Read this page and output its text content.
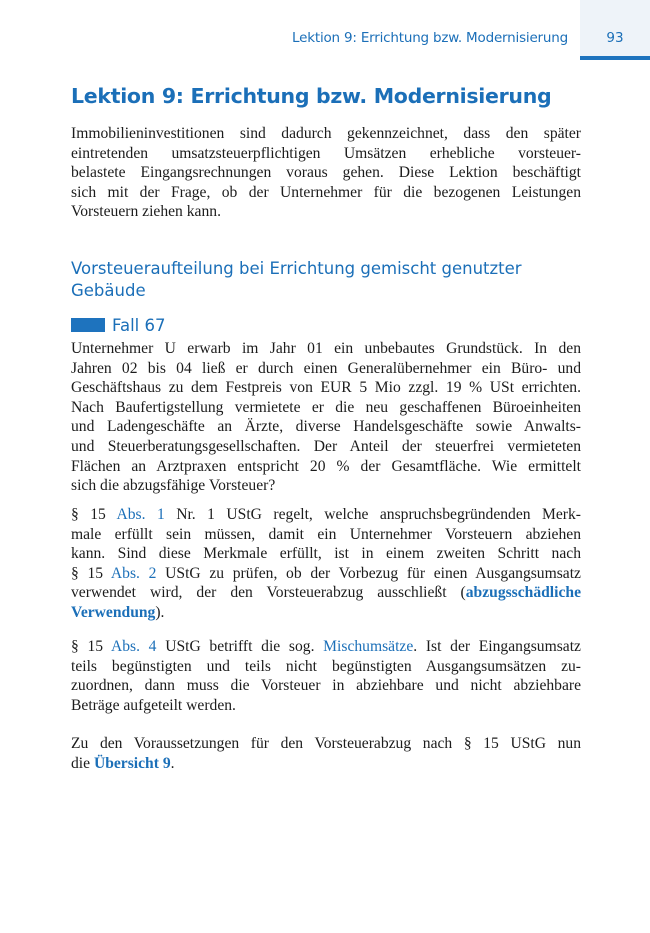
Lektion 9: Errichtung bzw. Modernisierung	93
Lektion 9: Errichtung bzw. Modernisierung

Immobilieninvestitionen sind dadurch gekennzeichnet, dass den später
eintretenden umsatzsteuerpflichtigen Umsätzen erhebliche vorsteuer-
belastete Eingangsrechnungen voraus gehen. Diese Lektion beschäftigt
sich mit der Frage, ob der Unternehmer für die bezogenen Leistungen
Vorsteuern ziehen kann.

Vorsteueraufteilung bei Errichtung gemischt genutzter Gebäude
Fall 67

Unternehmer U erwarb im Jahr 01 ein unbebautes Grundstück. In den
Jahren 02 bis 04 ließ er durch einen Generalübernehmer ein Büro- und
Geschäftshaus zu dem Festpreis von EUR 5 Mio zzgl. 19 % USt errichten.
Nach Baufertigstellung vermietete er die neu geschaffenen Büroeinheiten
und Ladengeschäfte an Ärzte, diverse Handelsgeschäfte sowie Anwalts-
und Steuerberatungsgesellschaften. Der Anteil der steuerfrei vermieteten
Flächen an Arztpraxen entspricht 20 % der Gesamtfläche. Wie ermittelt
sich die abzugsfähige Vorsteuer?

§ 15 Abs. 1 Nr. 1 UStG regelt, welche anspruchsbegründenden Merk-
male erfüllt sein müssen, damit ein Unternehmer Vorsteuern abziehen
kann. Sind diese Merkmale erfüllt, ist in einem zweiten Schritt nach
§ 15 Abs. 2 UStG zu prüfen, ob der Vorbezug für einen Ausgangsumsatz
verwendet wird, der den Vorsteuerabzug ausschließt (abzugsschädliche
Verwendung).

§ 15 Abs. 4 UStG betrifft die sog. Mischumsätze. Ist der Eingangsumsatz
teils begünstigten und teils nicht begünstigten Ausgangsumsätzen zu-
zuordnen, dann muss die Vorsteuer in abziehbare und nicht abziehbare
Beträge aufgeteilt werden.

Zu den Voraussetzungen für den Vorsteuerabzug nach § 15 UStG nun
die Übersicht 9.
